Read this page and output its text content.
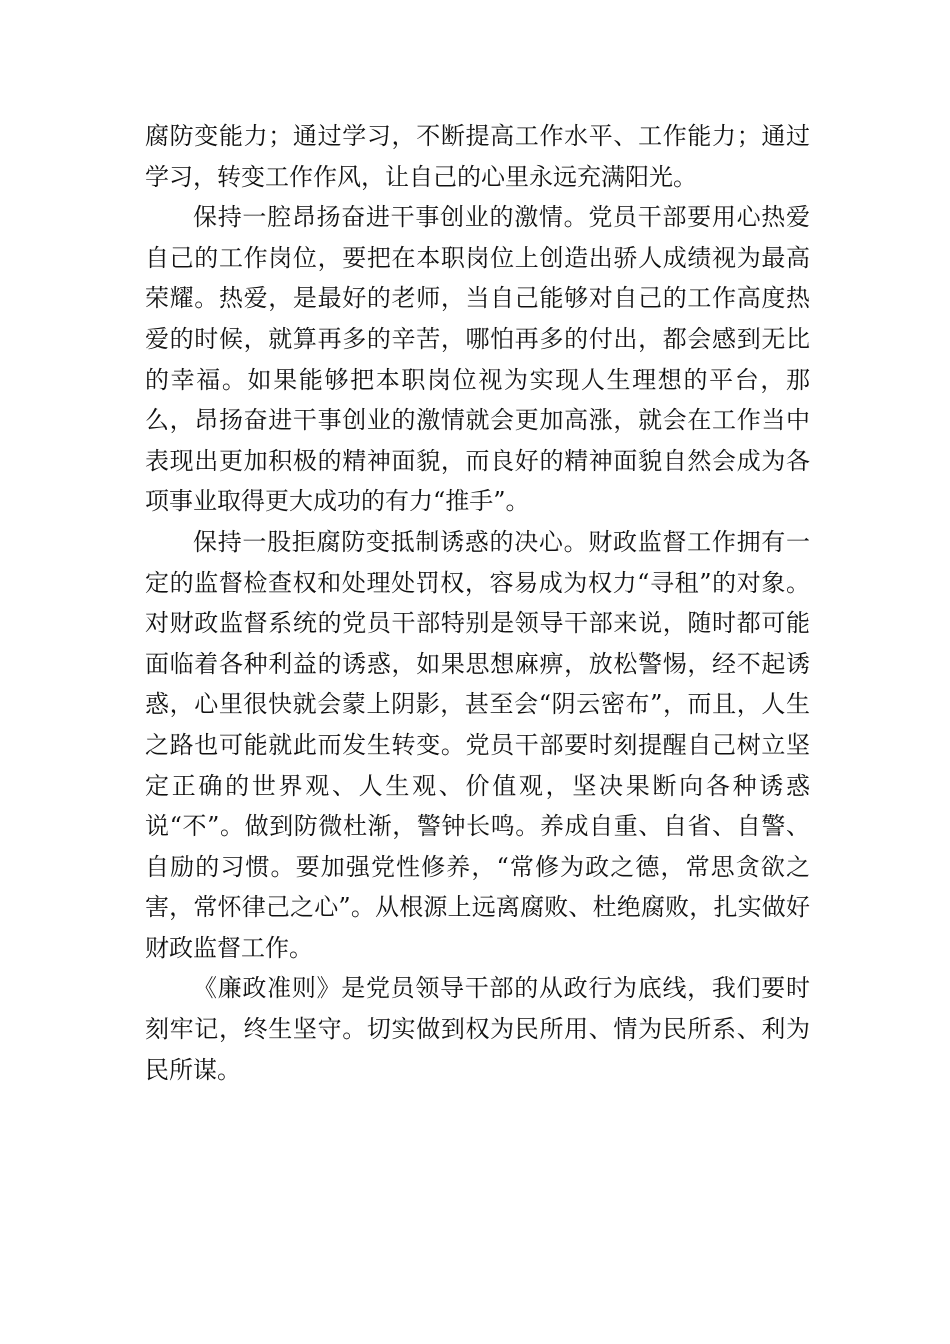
腐防变能力；通过学习，不断提高工作水平、工作能力；通过学习，转变工作作风，让自己的心里永远充满阳光。

保持一腔昂扬奋进干事创业的激情。党员干部要用心热爱自己的工作岗位，要把在本职岗位上创造出骄人成绩视为最高荣耀。热爱，是最好的老师，当自己能够对自己的工作高度热爱的时候，就算再多的辛苦，哪怕再多的付出，都会感到无比的幸福。如果能够把本职岗位视为实现人生理想的平台，那么，昂扬奋进干事创业的激情就会更加高涨，就会在工作当中表现出更加积极的精神面貌，而良好的精神面貌自然会成为各项事业取得更大成功的有力“推手”。

保持一股拒腐防变抵制诱惑的决心。财政监督工作拥有一定的监督检查权和处理处罚权，容易成为权力“寻租”的对象。对财政监督系统的党员干部特别是领导干部来说，随时都可能面临着各种利益的诱惑，如果思想麻痹，放松警惕，经不起诱惑，心里很快就会蒙上阴影，甚至会“阴云密布”，而且，人生之路也可能就此而发生转变。党员干部要时刻提醒自己树立坚定正确的世界观、人生观、价值观，坚决果断向各种诱惑说“不”。做到防微杜渐，警钟长鸣。养成自重、自省、自警、自励的习惯。要加强党性修养，“常修为政之德，常思贪欲之害，常怀律己之心”。从根源上远离腐败、杜绝腐败，扎实做好财政监督工作。

《廉政准则》是党员领导干部的从政行为底线，我们要时刻牢记，终生坚守。切实做到权为民所用、情为民所系、利为民所谋。
